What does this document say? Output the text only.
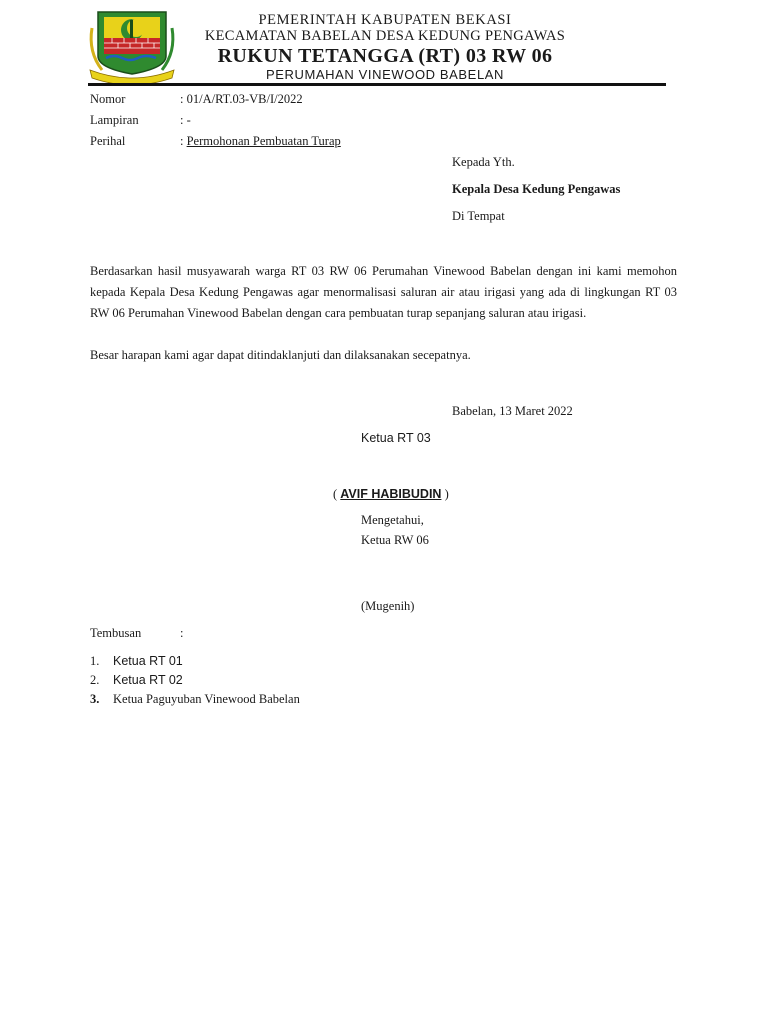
PEMERINTAH KABUPATEN BEKASI
KECAMATAN BABELAN DESA KEDUNG PENGAWAS
RUKUN TETANGGA (RT) 03 RW 06
PERUMAHAN VINEWOOD BABELAN
Nomor	: 01/A/RT.03-VB/I/2022
Lampiran	: -
Perihal	: Permohonan Pembuatan Turap
Kepada Yth.
Kepala Desa Kedung Pengawas
Di Tempat
Berdasarkan hasil musyawarah warga RT 03 RW 06 Perumahan Vinewood Babelan dengan ini kami memohon kepada Kepala Desa Kedung Pengawas agar menormalisasi saluran air atau irigasi yang ada di lingkungan RT 03 RW 06 Perumahan Vinewood Babelan dengan cara pembuatan turap sepanjang saluran atau irigasi.
Besar harapan kami agar dapat ditindaklanjuti dan dilaksanakan secepatnya.
Babelan, 13 Maret 2022
Ketua RT 03
( AVIF HABIBUDIN )
Mengetahui,
Ketua RW 06
(Mugenih)
Tembusan	:
1.	Ketua RT 01
2.	Ketua RT 02
3.	Ketua Paguyuban Vinewood Babelan
